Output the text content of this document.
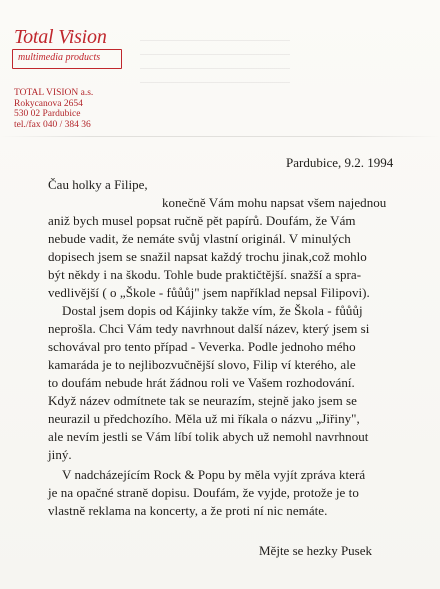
Total Vision
multimedia products
TOTAL VISION a.s.
Rokycanova 2654
530 02 Pardubice
tel./fax 040 / 384 36
Pardubice, 9.2. 1994
Čau holky a Filipe,
konečně Vám mohu napsat všem najednou
aniž bych musel popsat ručně pět papírů. Doufám, že Vám
nebude vadit, že nemáte svůj vlastní originál. V minulých
dopisech jsem se snažil napsat každý trochu jinak,což mohlo
být někdy i na škodu. Tohle bude praktičtější. snažší a spra-
vedlivější ( o „Škole - fůůůj" jsem například nepsal Filipovi).
Dostal jsem dopis od Kájinky takže vím, že Škola - fůůůj
neprošla. Chci Vám tedy navrhnout další název, který jsem si
schovával pro tento případ - Veverka. Podle jednoho mého
kamaráda je to nejlibozvučnější slovo, Filip ví kterého, ale
to doufám nebude hrát žádnou roli ve Vašem rozhodování.
Když název odmítnete tak se neurazím, stejně jako jsem se
neurazil u předchozího. Měla už mi říkala o názvu „Jiřiny",
ale nevím jestli se Vám líbí tolik abych už nemohl navrhnout
jiný.
V nadcházejícím Rock & Popu by měla vyjít zpráva která
je na opačné straně dopisu. Doufám, že vyjde, protože je to
vlastně reklama na koncerty, a že proti ní nic nemáte.
Mějte se hezky Pusek
